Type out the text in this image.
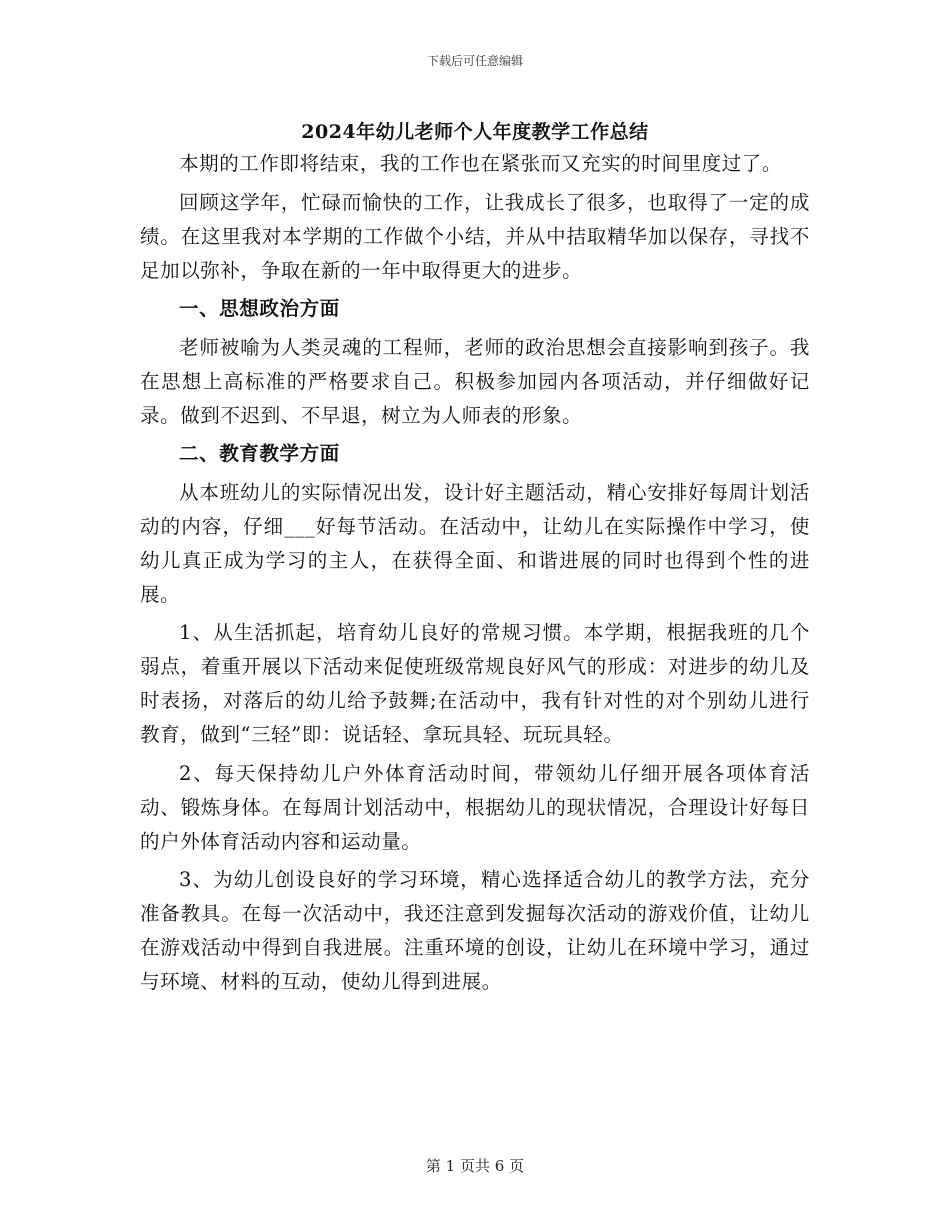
下载后可任意编辑
2024年幼儿老师个人年度教学工作总结

本期的工作即将结束，我的工作也在紧张而又充实的时间里度过了。

回顾这学年，忙碌而愉快的工作，让我成长了很多，也取得了一定的成绩。在这里我对本学期的工作做个小结，并从中拮取精华加以保存，寻找不足加以弥补，争取在新的一年中取得更大的进步。

一、思想政治方面

老师被喻为人类灵魂的工程师，老师的政治思想会直接影响到孩子。我在思想上高标准的严格要求自己。积极参加园内各项活动，并仔细做好记录。做到不迟到、不早退，树立为人师表的形象。

二、教育教学方面

从本班幼儿的实际情况出发，设计好主题活动，精心安排好每周计划活动的内容，仔细___好每节活动。在活动中，让幼儿在实际操作中学习，使幼儿真正成为学习的主人，在获得全面、和谐进展的同时也得到个性的进展。

1、从生活抓起，培育幼儿良好的常规习惯。本学期，根据我班的几个弱点，着重开展以下活动来促使班级常规良好风气的形成：对进步的幼儿及时表扬，对落后的幼儿给予鼓舞;在活动中，我有针对性的对个别幼儿进行教育，做到“三轻”即：说话轻、拿玩具轻、玩玩具轻。

2、每天保持幼儿户外体育活动时间，带领幼儿仔细开展各项体育活动、锻炼身体。在每周计划活动中，根据幼儿的现状情况，合理设计好每日的户外体育活动内容和运动量。

3、为幼儿创设良好的学习环境，精心选择适合幼儿的教学方法，充分准备教具。在每一次活动中，我还注意到发掘每次活动的游戏价值，让幼儿在游戏活动中得到自我进展。注重环境的创设，让幼儿在环境中学习，通过与环境、材料的互动，使幼儿得到进展。

第 1 页共 6 页
